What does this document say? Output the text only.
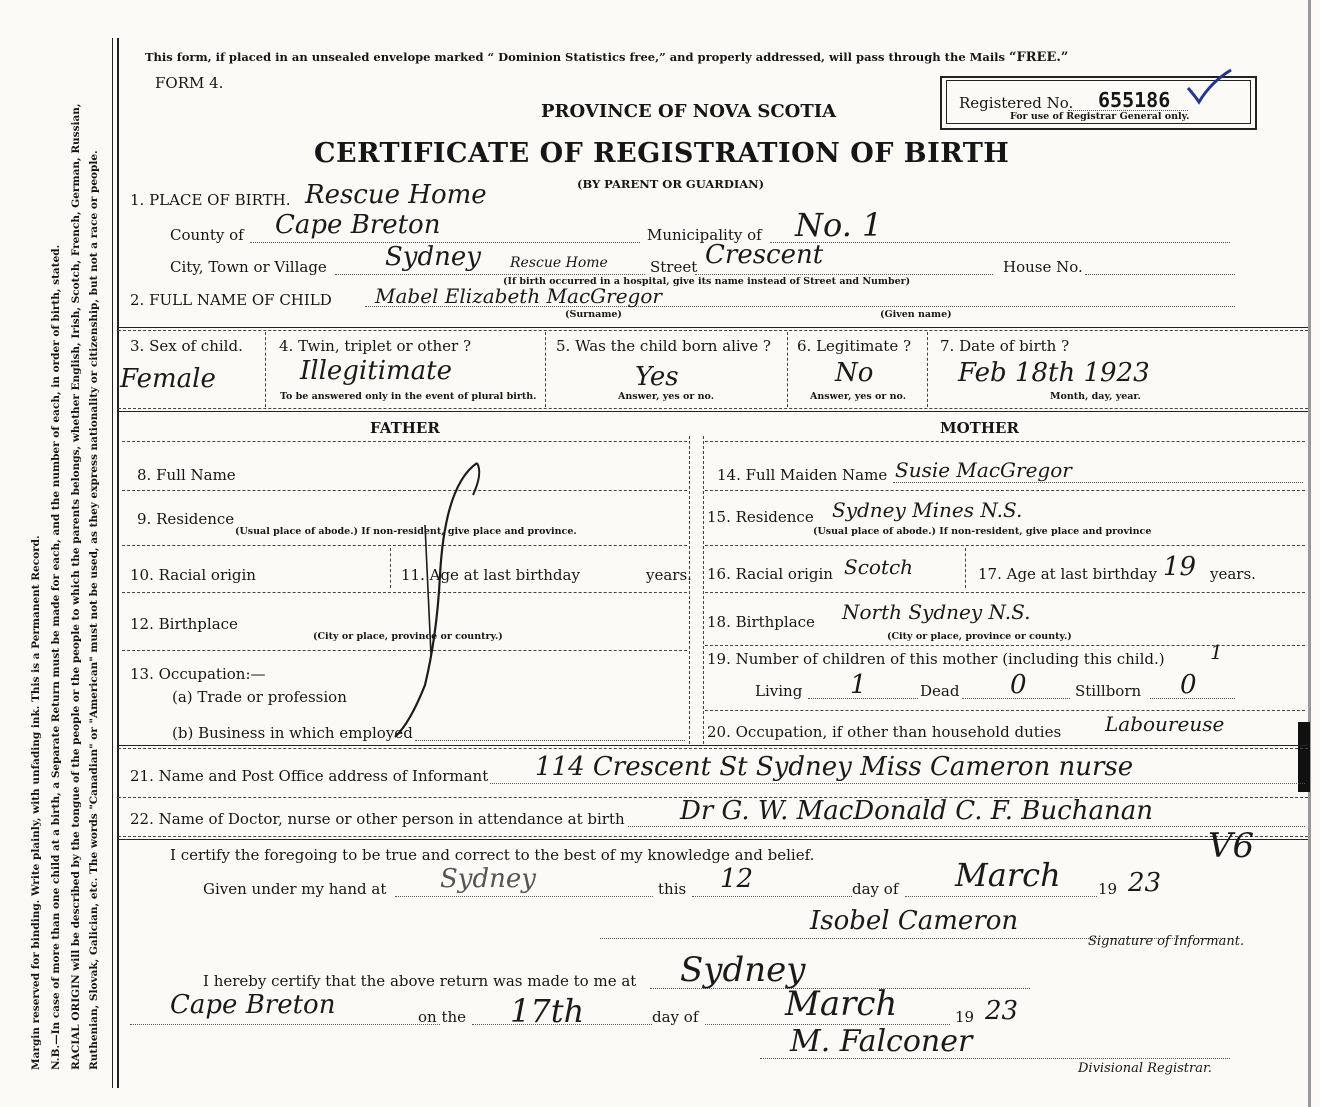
Margin reserved for binding. Write plainly, with unfading ink. This is a Permanent Record. N.B.—In case of more than one child at a birth, a Separate Return must be made for each, and the number of each, in order of birth, stated. RACIAL ORIGIN will be described by the tongue of the people or the people to which the parents belongs, whether English, Irish, Scotch, French, German, Russian, Ruthenian, Slovak, Galician, etc. The words "Canadian" or "American" must not be used, as they express nationality or citizenship, but not a race or people.
This form, if placed in an unsealed envelope marked “ Dominion Statistics free,” and properly addressed, will pass through the Mails “FREE.”
FORM 4.
PROVINCE OF NOVA SCOTIA	Registered No. 655186
For use of Registrar General only.
CERTIFICATE OF REGISTRATION OF BIRTH
(BY PARENT OR GUARDIAN)
1. PLACE OF BIRTH. Rescue Home
County of Cape Breton	Municipality of No. 1
City, Town or Village Sydney Rescue Home	Street Crescent	House No.
(If birth occurred in a hospital, give its name instead of Street and Number)
2. FULL NAME OF CHILD Mabel Elizabeth MacGregor
(Surname)	(Given name)
3. Sex of child.
Female
4. Twin, triplet or other ?
Illegitimate
To be answered only in the event of plural birth.
5. Was the child born alive ?
Yes
Answer, yes or no.
6. Legitimate ?
No
Answer, yes or no.
7. Date of birth ?
Feb 18th 1923
Month, day, year.
FATHER	MOTHER
8. Full Name
9. Residence
(Usual place of abode.) If non-resident, give place and province.
10. Racial origin	11. Age at last birthday	years.
12. Birthplace
(City or place, province or country.)
13. Occupation:—
(a) Trade or profession
(b) Business in which employed
14. Full Maiden Name Susie MacGregor
15. Residence Sydney Mines N.S.
(Usual place of abode.) If non-resident, give place and province
16. Racial origin Scotch	17. Age at last birthday 19 years.
18. Birthplace North Sydney N.S.
(City or place, province or county.)
19. Number of children of this mother (including this child.) 1
Living 1	Dead 0	Stillborn 0
20. Occupation, if other than household duties Laboureuse
21. Name and Post Office address of Informant 114 Crescent St Sydney Miss Cameron nurse
22. Name of Doctor, nurse or other person in attendance at birth Dr G. W. MacDonald C. F. Buchanan
V6
I certify the foregoing to be true and correct to the best of my knowledge and belief.
Given under my hand at Sydney	this 12	day of March 19 23
Isobel Cameron
Signature of Informant.
I hereby certify that the above return was made to me at Sydney
Cape Breton	on the 17th	day of	March	19 23
M. Falconer
Divisional Registrar.
